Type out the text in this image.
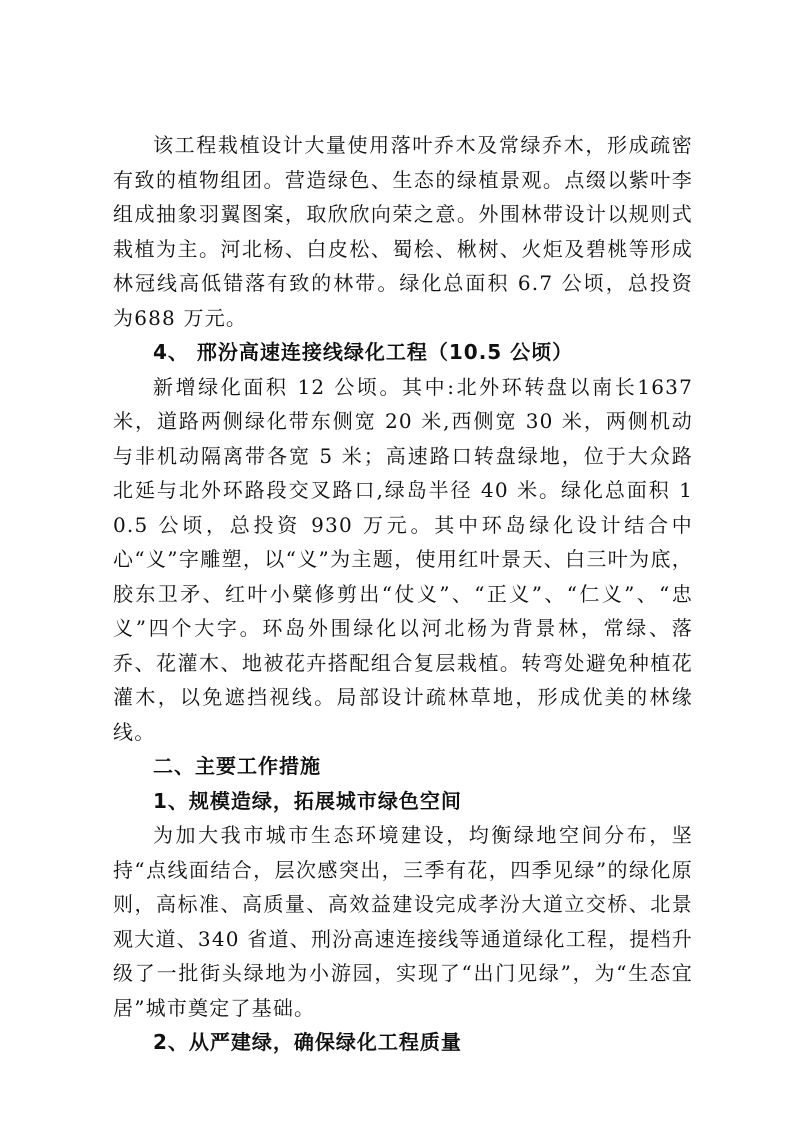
该工程栽植设计大量使用落叶乔木及常绿乔木，形成疏密有致的植物组团。营造绿色、生态的绿植景观。点缀以紫叶李组成抽象羽翼图案，取欣欣向荣之意。外围林带设计以规则式栽植为主。河北杨、白皮松、蜀桧、楸树、火炬及碧桃等形成林冠线高低错落有致的林带。绿化总面积 6.7 公顷，总投资为688 万元。

4、 邢汾高速连接线绿化工程（10.5 公顷）

新增绿化面积 12 公顷。其中:北外环转盘以南长1637 米，道路两侧绿化带东侧宽 20 米,西侧宽 30 米，两侧机动与非机动隔离带各宽 5 米；高速路口转盘绿地，位于大众路北延与北外环路段交叉路口,绿岛半径 40 米。绿化总面积 10.5 公顷，总投资 930 万元。其中环岛绿化设计结合中心“义”字雕塑，以“义”为主题，使用红叶景天、白三叶为底，胶东卫矛、红叶小檗修剪出“仗义”、“正义”、“仁义”、“忠义”四个大字。环岛外围绿化以河北杨为背景林，常绿、落乔、花灌木、地被花卉搭配组合复层栽植。转弯处避免种植花灌木，以免遮挡视线。局部设计疏林草地，形成优美的林缘线。

二、主要工作措施

1、规模造绿，拓展城市绿色空间

为加大我市城市生态环境建设，均衡绿地空间分布，坚持“点线面结合，层次感突出，三季有花，四季见绿”的绿化原则，高标准、高质量、高效益建设完成孝汾大道立交桥、北景观大道、340 省道、刑汾高速连接线等通道绿化工程，提档升级了一批街头绿地为小游园，实现了“出门见绿”，为“生态宜居”城市奠定了基础。

2、从严建绿，确保绿化工程质量
